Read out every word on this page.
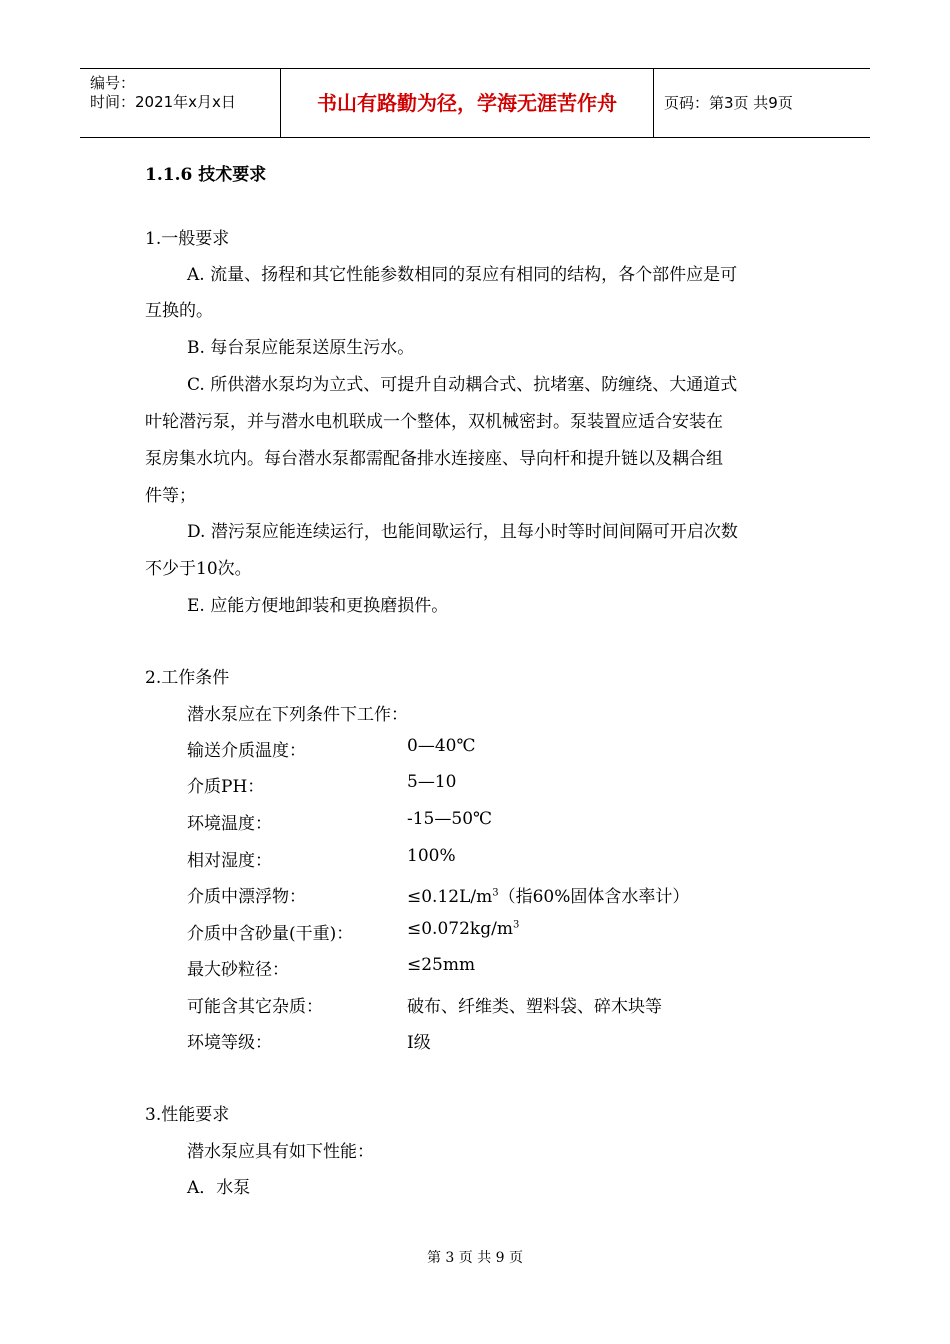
编号：
时间：2021年x月x日	书山有路勤为径，学海无涯苦作舟	页码：第3页 共9页
1.1.6 技术要求
1.一般要求
A. 流量、扬程和其它性能参数相同的泵应有相同的结构，各个部件应是可
互换的。
B. 每台泵应能泵送原生污水。
C. 所供潜水泵均为立式、可提升自动耦合式、抗堵塞、防缠绕、大通道式
叶轮潜污泵，并与潜水电机联成一个整体，双机械密封。泵装置应适合安装在
泵房集水坑内。每台潜水泵都需配备排水连接座、导向杆和提升链以及耦合组
件等；
D. 潜污泵应能连续运行，也能间歇运行，且每小时等时间间隔可开启次数
不少于10次。
E. 应能方便地卸装和更换磨损件。
2.工作条件
潜水泵应在下列条件下工作：
输送介质温度：	0—40℃
介质PH：	5—10
环境温度：	-15—50℃
相对湿度：	100%
介质中漂浮物：	$\le 0.12L/m^3$（指60%固体含水率计）
介质中含砂量(干重)：	$\le 0.072kg/m^3$
最大砂粒径：	≤25mm
可能含其它杂质：	破布、纤维类、塑料袋、碎木块等
环境等级：	I级
3.性能要求
潜水泵应具有如下性能：
A．水泵
第 3 页 共 9 页
